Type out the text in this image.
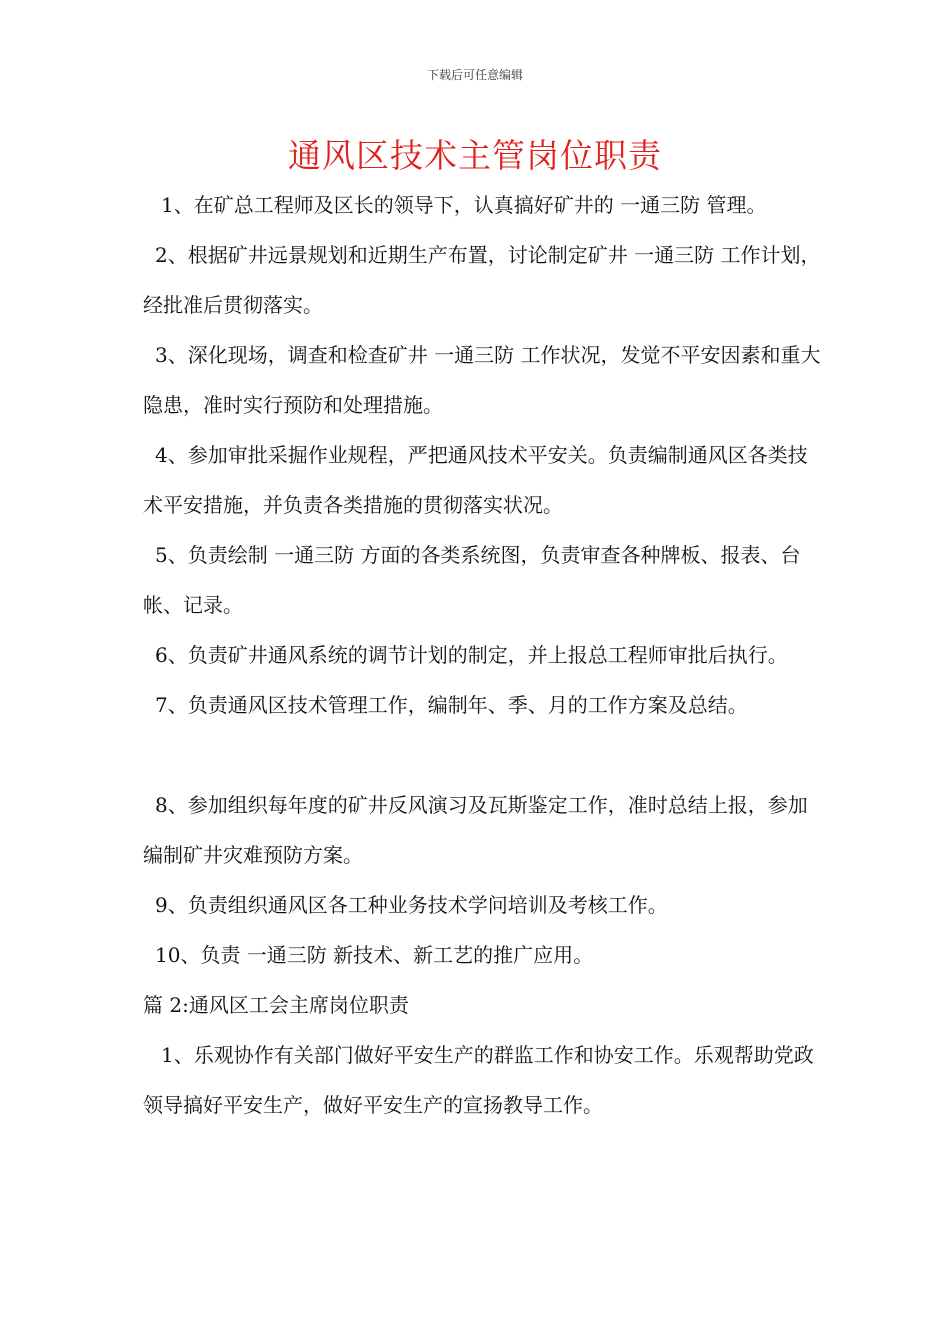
下载后可任意编辑
通风区技术主管岗位职责

1、在矿总工程师及区长的领导下，认真搞好矿井的 一通三防 管理。

2、根据矿井远景规划和近期生产布置，讨论制定矿井 一通三防 工作计划，经批准后贯彻落实。

3、深化现场，调查和检查矿井 一通三防 工作状况，发觉不平安因素和重大隐患，准时实行预防和处理措施。

4、参加审批采掘作业规程，严把通风技术平安关。负责编制通风区各类技术平安措施，并负责各类措施的贯彻落实状况。

5、负责绘制 一通三防 方面的各类系统图，负责审查各种牌板、报表、台帐、记录。

6、负责矿井通风系统的调节计划的制定，并上报总工程师审批后执行。

7、负责通风区技术管理工作，编制年、季、月的工作方案及总结。

8、参加组织每年度的矿井反风演习及瓦斯鉴定工作，准时总结上报，参加编制矿井灾难预防方案。

9、负责组织通风区各工种业务技术学问培训及考核工作。

10、负责 一通三防 新技术、新工艺的推广应用。

篇 2:通风区工会主席岗位职责

1、乐观协作有关部门做好平安生产的群监工作和协安工作。乐观帮助党政领导搞好平安生产，做好平安生产的宣扬教导工作。
